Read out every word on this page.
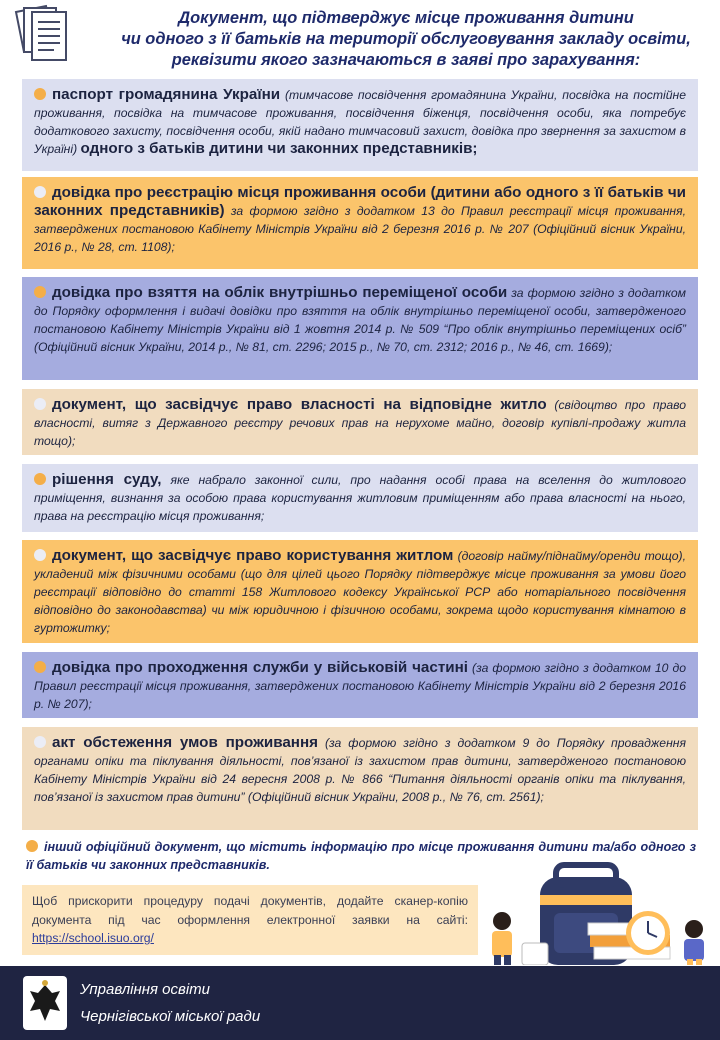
Документ, що підтверджує місце проживання дитини
чи одного з її батьків на території обслуговування закладу освіти,
реквізити якого зазначаються в заяві про зарахування:
паспорт громадянина України (тимчасове посвідчення громадянина України, посвідка на постійне проживання, посвідка на тимчасове проживання, посвідчення біженця, посвідчення особи, яка потребує додаткового захисту, посвідчення особи, якій надано тимчасовий захист, довідка про звернення за захистом в Україні) одного з батьків дитини чи законних представників;
довідка про реєстрацію місця проживання особи (дитини або одного з її батьків чи законних представників) за формою згідно з додатком 13 до Правил реєстрації місця проживання, затверджених постановою Кабінету Міністрів України від 2 березня 2016 р. № 207 (Офіційний вісник України, 2016 р., № 28, ст. 1108);
довідка про взяття на облік внутрішньо переміщеної особи за формою згідно з додатком до Порядку оформлення і видачі довідки про взяття на облік внутрішньо переміщеної особи, затвердженого постановою Кабінету Міністрів України від 1 жовтня 2014 р. № 509 “Про облік внутрішньо переміщених осіб” (Офіційний вісник України, 2014 р., № 81, ст. 2296; 2015 р., № 70, ст. 2312; 2016 р., № 46, ст. 1669);
документ, що засвідчує право власності на відповідне житло (свідоцтво про право власності, витяг з Державного реєстру речових прав на нерухоме майно, договір купівлі-продажу житла тощо);
рішення суду, яке набрало законної сили, про надання особі права на вселення до житлового приміщення, визнання за особою права користування житловим приміщенням або права власності на нього, права на реєстрацію місця проживання;
документ, що засвідчує право користування житлом (договір найму/піднайму/оренди тощо), укладений між фізичними особами (що для цілей цього Порядку підтверджує місце проживання за умови його реєстрації відповідно до статті 158 Житлового кодексу Української РСР або нотаріального посвідчення відповідно до законодавства) чи між юридичною і фізичною особами, зокрема щодо користування кімнатою в гуртожитку;
довідка про проходження служби у військовій частині (за формою згідно з додатком 10 до Правил реєстрації місця проживання, затверджених постановою Кабінету Міністрів України від 2 березня 2016 р. № 207);
акт обстеження умов проживання (за формою згідно з додатком 9 до Порядку провадження органами опіки та піклування діяльності, пов’язаної із захистом прав дитини, затвердженого постановою Кабінету Міністрів України від 24 вересня 2008 р. № 866 “Питання діяльності органів опіки та піклування, пов’язаної із захистом прав дитини” (Офіційний вісник України, 2008 р., № 76, ст. 2561);
інший офіційний документ, що містить інформацію про місце проживання дитини та/або одного з її батьків чи законних представників.
Щоб прискорити процедуру подачі документів, додайте сканер-копію документа під час оформлення електронної заявки на сайті: https://school.isuo.org/
Управління освіти
Чернігівської міської ради
